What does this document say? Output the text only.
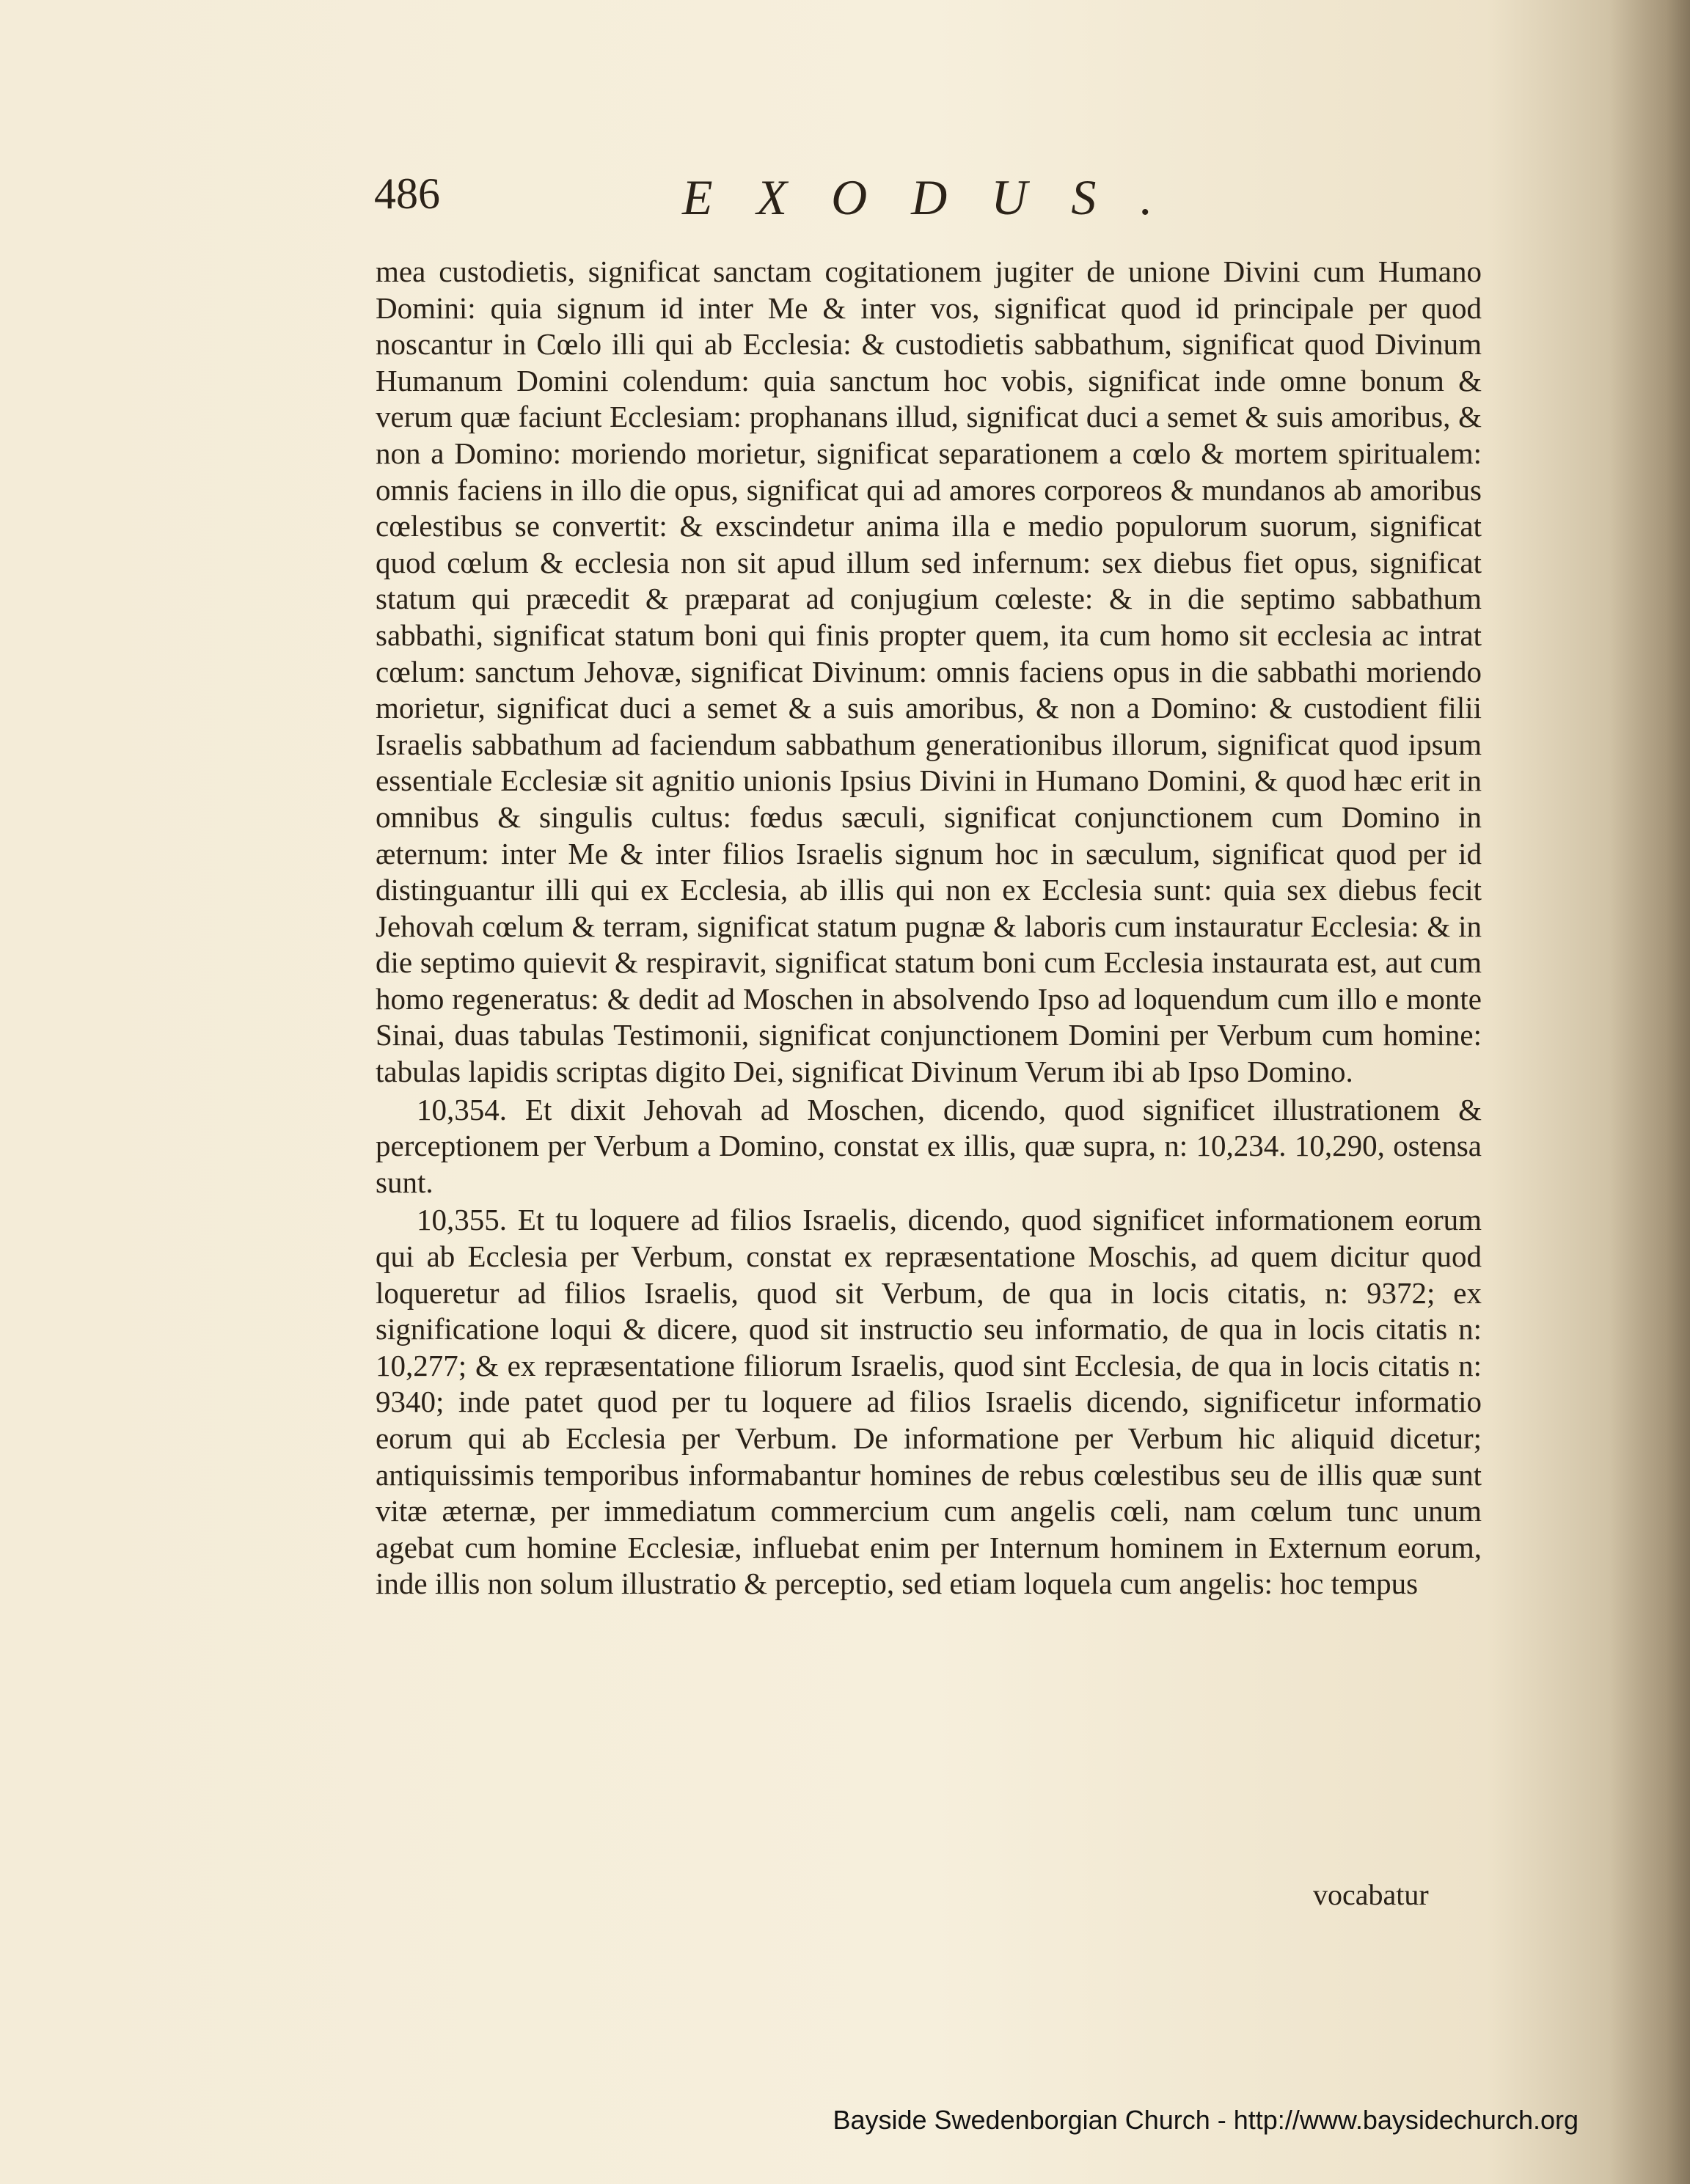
486	EXODUS.

mea custodietis, significat sanctam cogitationem jugiter de unione Divini cum Humano Domini: quia signum id inter Me & inter vos, significat quod id principale per quod noscantur in Cœlo illi qui ab Ecclesia: & custodietis sabbathum, significat quod Divinum Humanum Domini colendum: quia sanctum hoc vobis, significat inde omne bonum & verum quæ faciunt Ecclesiam: prophanans illud, significat duci a semet & suis amoribus, & non a Domino: moriendo morietur, significat separationem a cœlo & mortem spiritualem: omnis faciens in illo die opus, significat qui ad amores corporeos & mundanos ab amoribus cœlestibus se convertit: & exscindetur anima illa e medio populorum suorum, significat quod cœlum & ecclesia non sit apud illum sed infernum: sex diebus fiet opus, significat statum qui præcedit & præparat ad conjugium cœleste: & in die septimo sabbathum sabbathi, significat statum boni qui finis propter quem, ita cum homo sit ecclesia ac intrat cœlum: sanctum Jehovæ, significat Divinum: omnis faciens opus in die sabbathi moriendo morietur, significat duci a semet & a suis amoribus, & non a Domino: & custodient filii Israelis sabbathum ad faciendum sabbathum generationibus illorum, significat quod ipsum essentiale Ecclesiæ sit agnitio unionis Ipsius Divini in Humano Domini, & quod hæc erit in omnibus & singulis cultus: fœdus sæculi, significat conjunctionem cum Domino in æternum: inter Me & inter filios Israelis signum hoc in sæculum, significat quod per id distinguantur illi qui ex Ecclesia, ab illis qui non ex Ecclesia sunt: quia sex diebus fecit Jehovah cœlum & terram, significat statum pugnæ & laboris cum instauratur Ecclesia: & in die septimo quievit & respiravit, significat statum boni cum Ecclesia instaurata est, aut cum homo regeneratus: & dedit ad Moschen in absolvendo Ipso ad loquendum cum illo e monte Sinai, duas tabulas Testimonii, significat conjunctionem Domini per Verbum cum homine: tabulas lapidis scriptas digito Dei, significat Divinum Verum ibi ab Ipso Domino.

10,354. Et dixit Jehovah ad Moschen, dicendo, quod significet illustrationem & perceptionem per Verbum a Domino, constat ex illis, quæ supra, n: 10,234. 10,290, ostensa sunt.

10,355. Et tu loquere ad filios Israelis, dicendo, quod significet informationem eorum qui ab Ecclesia per Verbum, constat ex repræsentatione Moschis, ad quem dicitur quod loqueretur ad filios Israelis, quod sit Verbum, de qua in locis citatis, n: 9372; ex significatione loqui & dicere, quod sit instructio seu informatio, de qua in locis citatis n: 10,277; & ex repræsentatione filiorum Israelis, quod sint Ecclesia, de qua in locis citatis n: 9340; inde patet quod per tu loquere ad filios Israelis dicendo, significetur informatio eorum qui ab Ecclesia per Verbum. De informatione per Verbum hic aliquid dicetur; antiquissimis temporibus informabantur homines de rebus cœlestibus seu de illis quæ sunt vitæ æternæ, per immediatum commercium cum angelis cœli, nam cœlum tunc unum agebat cum homine Ecclesiæ, influebat enim per Internum hominem in Externum eorum, inde illis non solum illustratio & perceptio, sed etiam loquela cum angelis: hoc tempus

vocabatur
Bayside Swedenborgian Church - http://www.baysidechurch.org
